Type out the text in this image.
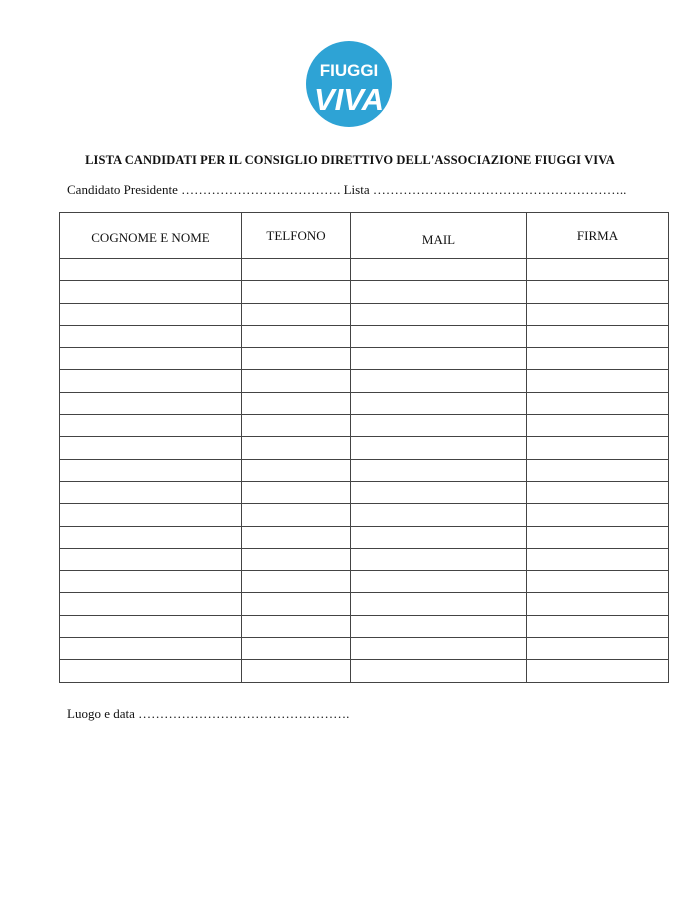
FIUGGI
VIVA
LISTA CANDIDATI PER IL CONSIGLIO DIRETTIVO DELL'ASSOCIAZIONE FIUGGI VIVA
Candidato Presidente ………………………………. Lista …………………………………………………..
COGNOME E NOME	TELFONO	MAIL	FIRMA

Luogo e data ………………………………………….
